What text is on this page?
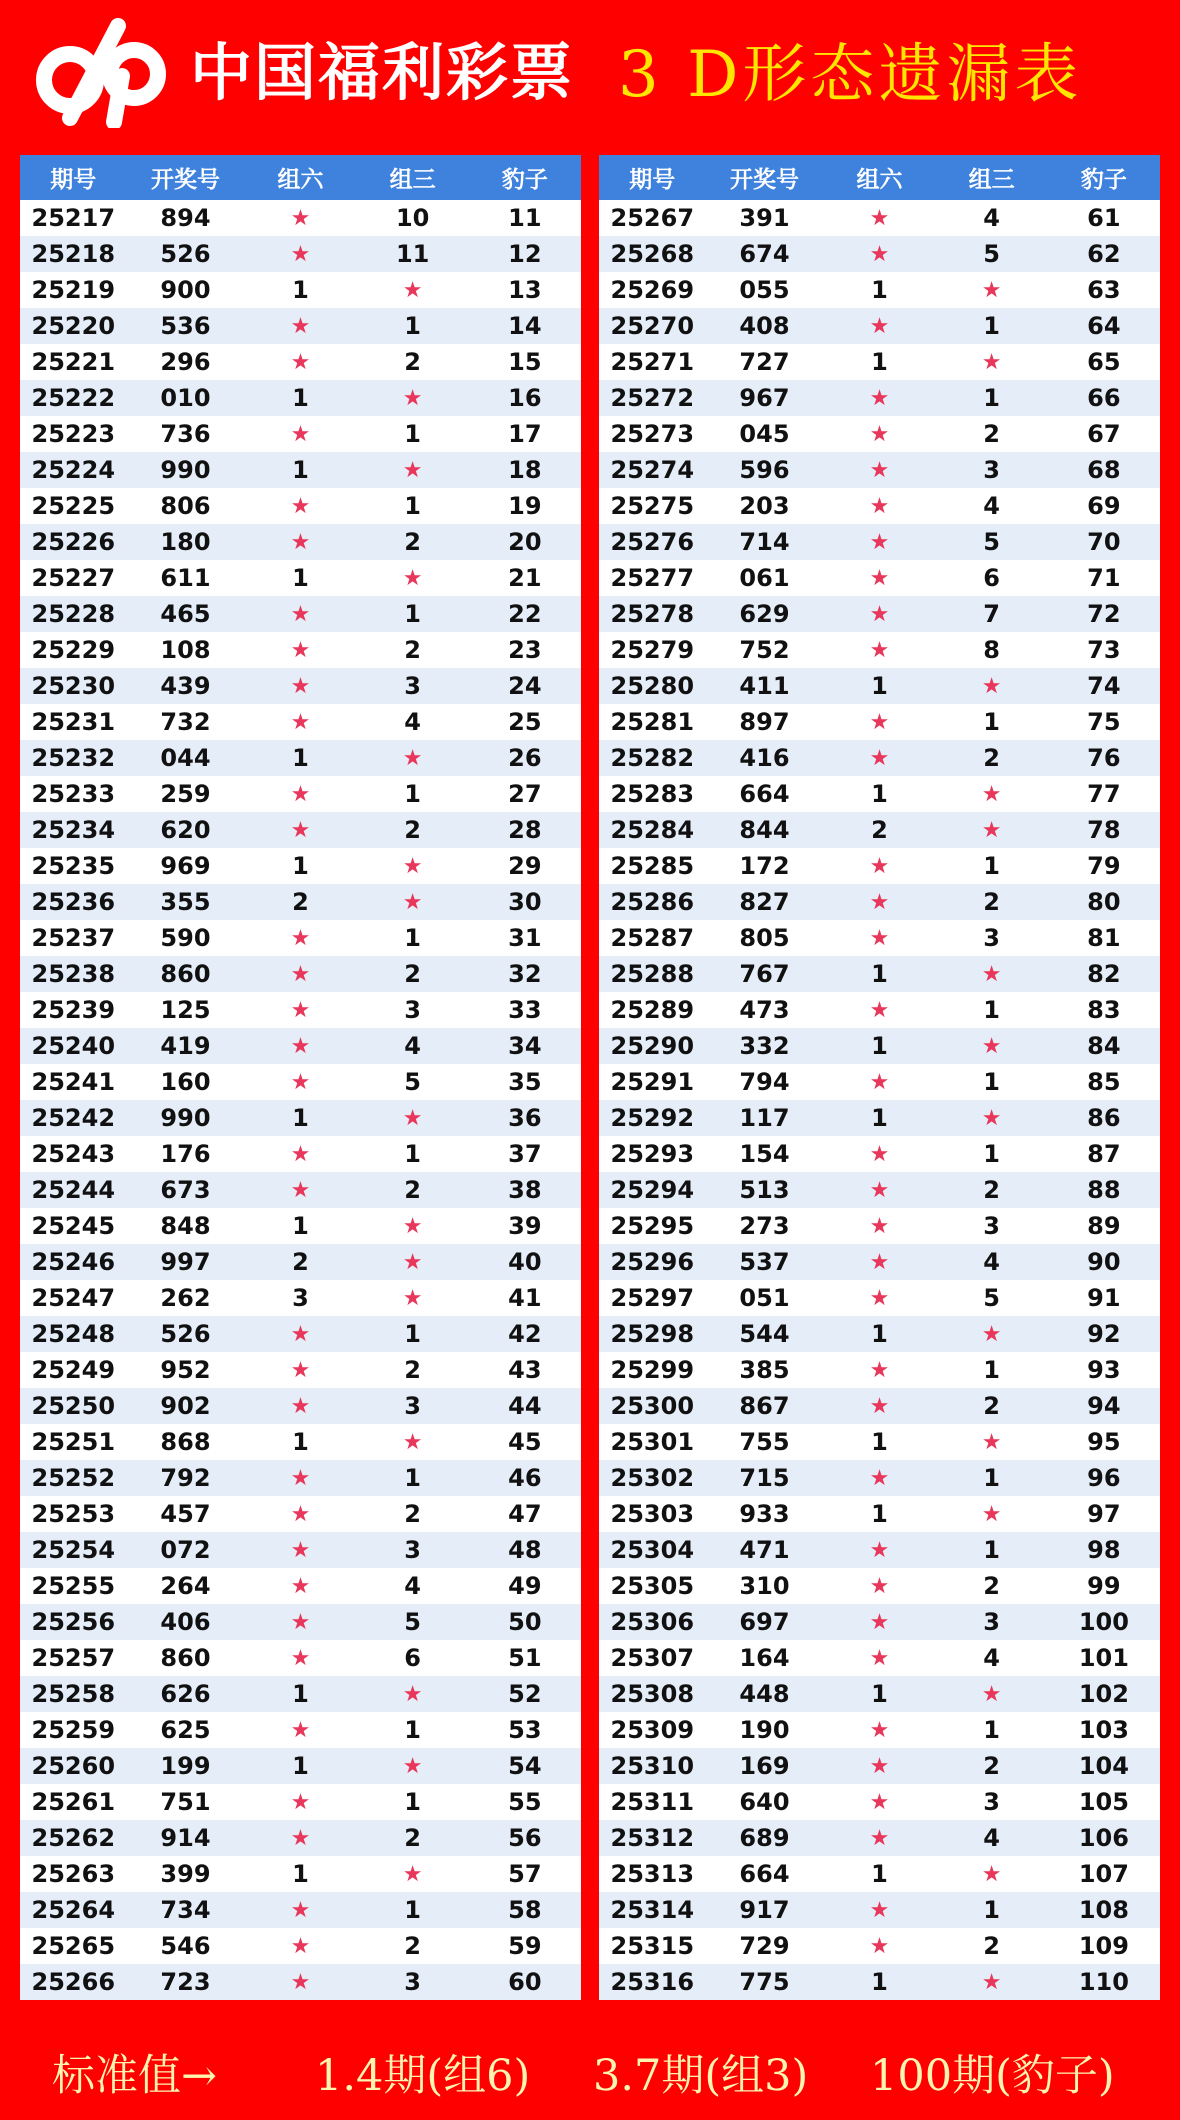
中国福利彩票 3 D形态遗漏表
期号	开奖号	组六	组三	豹子
25217	894	★	10	11
25218	526	★	11	12
25219	900	1	★	13
25220	536	★	1	14
25221	296	★	2	15
25222	010	1	★	16
25223	736	★	1	17
25224	990	1	★	18
25225	806	★	1	19
25226	180	★	2	20
25227	611	1	★	21
25228	465	★	1	22
25229	108	★	2	23
25230	439	★	3	24
25231	732	★	4	25
25232	044	1	★	26
25233	259	★	1	27
25234	620	★	2	28
25235	969	1	★	29
25236	355	2	★	30
25237	590	★	1	31
25238	860	★	2	32
25239	125	★	3	33
25240	419	★	4	34
25241	160	★	5	35
25242	990	1	★	36
25243	176	★	1	37
25244	673	★	2	38
25245	848	1	★	39
25246	997	2	★	40
25247	262	3	★	41
25248	526	★	1	42
25249	952	★	2	43
25250	902	★	3	44
25251	868	1	★	45
25252	792	★	1	46
25253	457	★	2	47
25254	072	★	3	48
25255	264	★	4	49
25256	406	★	5	50
25257	860	★	6	51
25258	626	1	★	52
25259	625	★	1	53
25260	199	1	★	54
25261	751	★	1	55
25262	914	★	2	56
25263	399	1	★	57
25264	734	★	1	58
25265	546	★	2	59
25266	723	★	3	60
期号	开奖号	组六	组三	豹子
25267	391	★	4	61
25268	674	★	5	62
25269	055	1	★	63
25270	408	★	1	64
25271	727	1	★	65
25272	967	★	1	66
25273	045	★	2	67
25274	596	★	3	68
25275	203	★	4	69
25276	714	★	5	70
25277	061	★	6	71
25278	629	★	7	72
25279	752	★	8	73
25280	411	1	★	74
25281	897	★	1	75
25282	416	★	2	76
25283	664	1	★	77
25284	844	2	★	78
25285	172	★	1	79
25286	827	★	2	80
25287	805	★	3	81
25288	767	1	★	82
25289	473	★	1	83
25290	332	1	★	84
25291	794	★	1	85
25292	117	1	★	86
25293	154	★	1	87
25294	513	★	2	88
25295	273	★	3	89
25296	537	★	4	90
25297	051	★	5	91
25298	544	1	★	92
25299	385	★	1	93
25300	867	★	2	94
25301	755	1	★	95
25302	715	★	1	96
25303	933	1	★	97
25304	471	★	1	98
25305	310	★	2	99
25306	697	★	3	100
25307	164	★	4	101
25308	448	1	★	102
25309	190	★	1	103
25310	169	★	2	104
25311	640	★	3	105
25312	689	★	4	106
25313	664	1	★	107
25314	917	★	1	108
25315	729	★	2	109
25316	775	1	★	110
标准值→ 1.4期(组6) 3.7期(组3) 100期(豹子)
